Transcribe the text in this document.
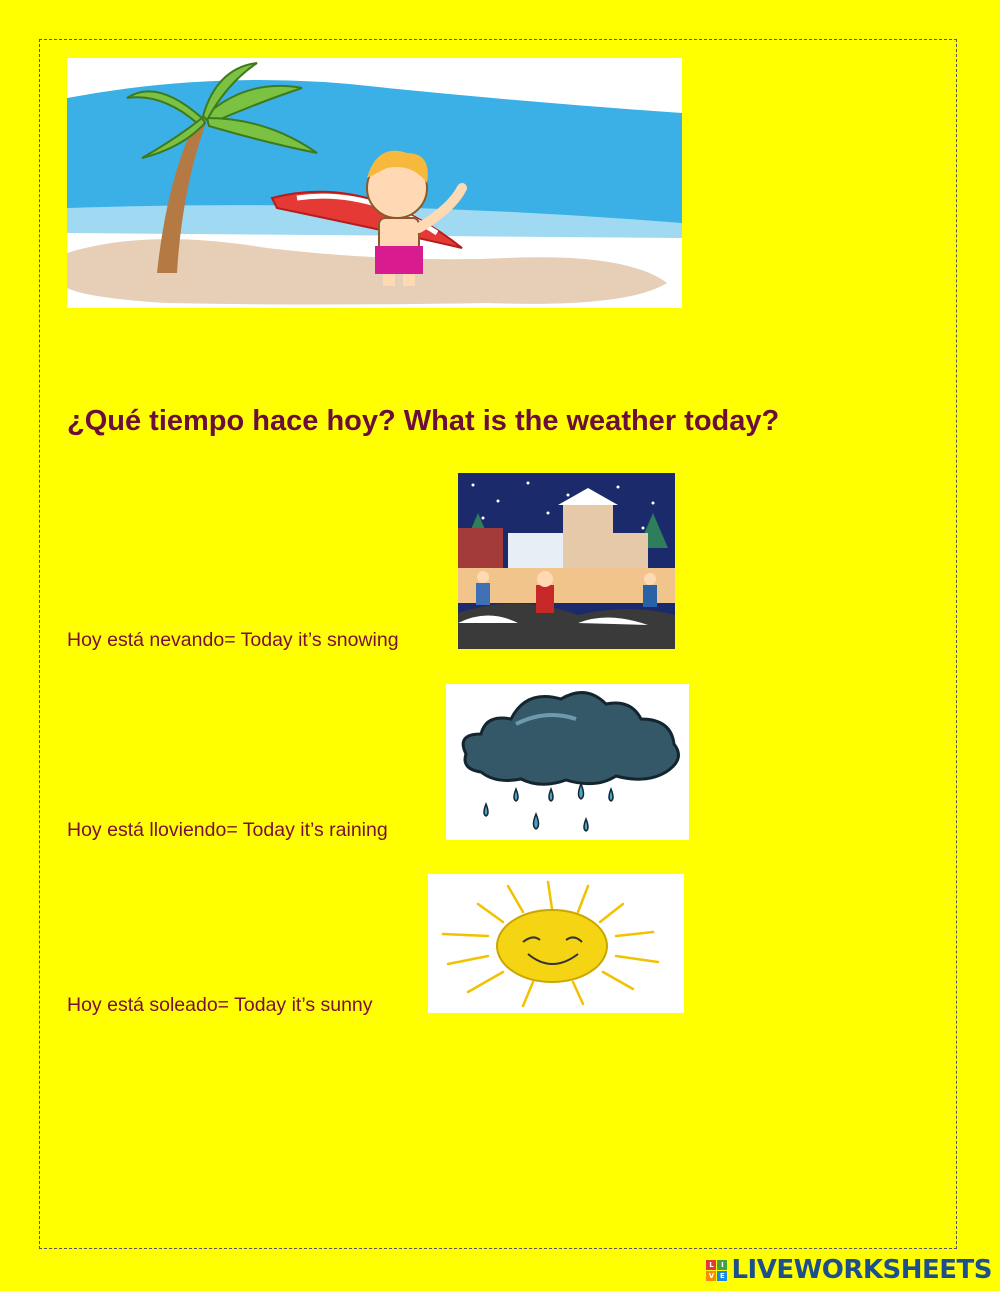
¿Qué tiempo hace hoy? What is the weather today?
Hoy está nevando= Today it’s snowing
Hoy está lloviendo= Today it’s raining
Hoy está soleado= Today it’s sunny
L	I
V E LIVEWORKSHEETS
